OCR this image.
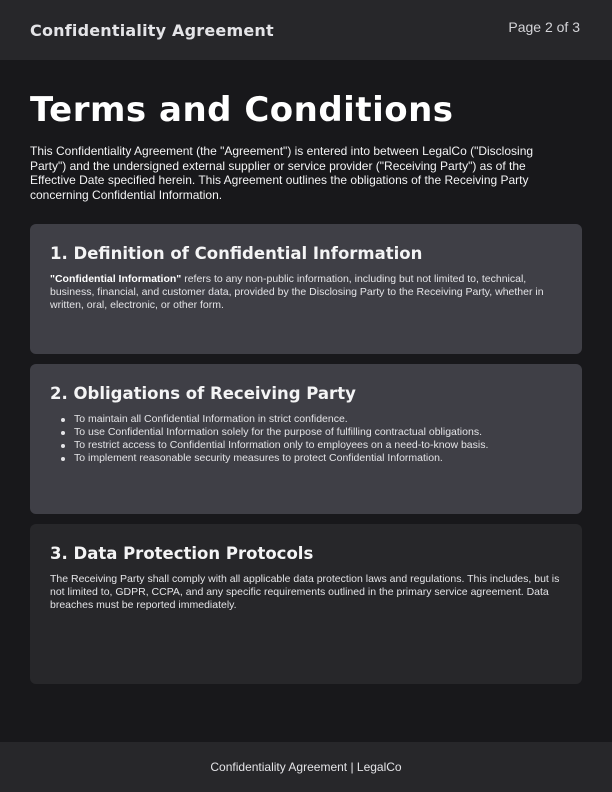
Confidentiality Agreement	Page 2 of 3
Terms and Conditions

This Confidentiality Agreement (the "Agreement") is entered into between LegalCo ("Disclosing Party") and the undersigned external supplier or service provider ("Receiving Party") as of the Effective Date specified herein. This Agreement outlines the obligations of the Receiving Party concerning Confidential Information.

1. Definition of Confidential Information

"Confidential Information" refers to any non-public information, including but not limited to, technical, business, financial, and customer data, provided by the Disclosing Party to the Receiving Party, whether in written, oral, electronic, or other form.

2. Obligations of Receiving Party
To maintain all Confidential Information in strict confidence.
To use Confidential Information solely for the purpose of fulfilling contractual obligations.
To restrict access to Confidential Information only to employees on a need-to-know basis.
To implement reasonable security measures to protect Confidential Information.
3. Data Protection Protocols

The Receiving Party shall comply with all applicable data protection laws and regulations. This includes, but is not limited to, GDPR, CCPA, and any specific requirements outlined in the primary service agreement. Data breaches must be reported immediately.

Confidentiality Agreement | LegalCo
